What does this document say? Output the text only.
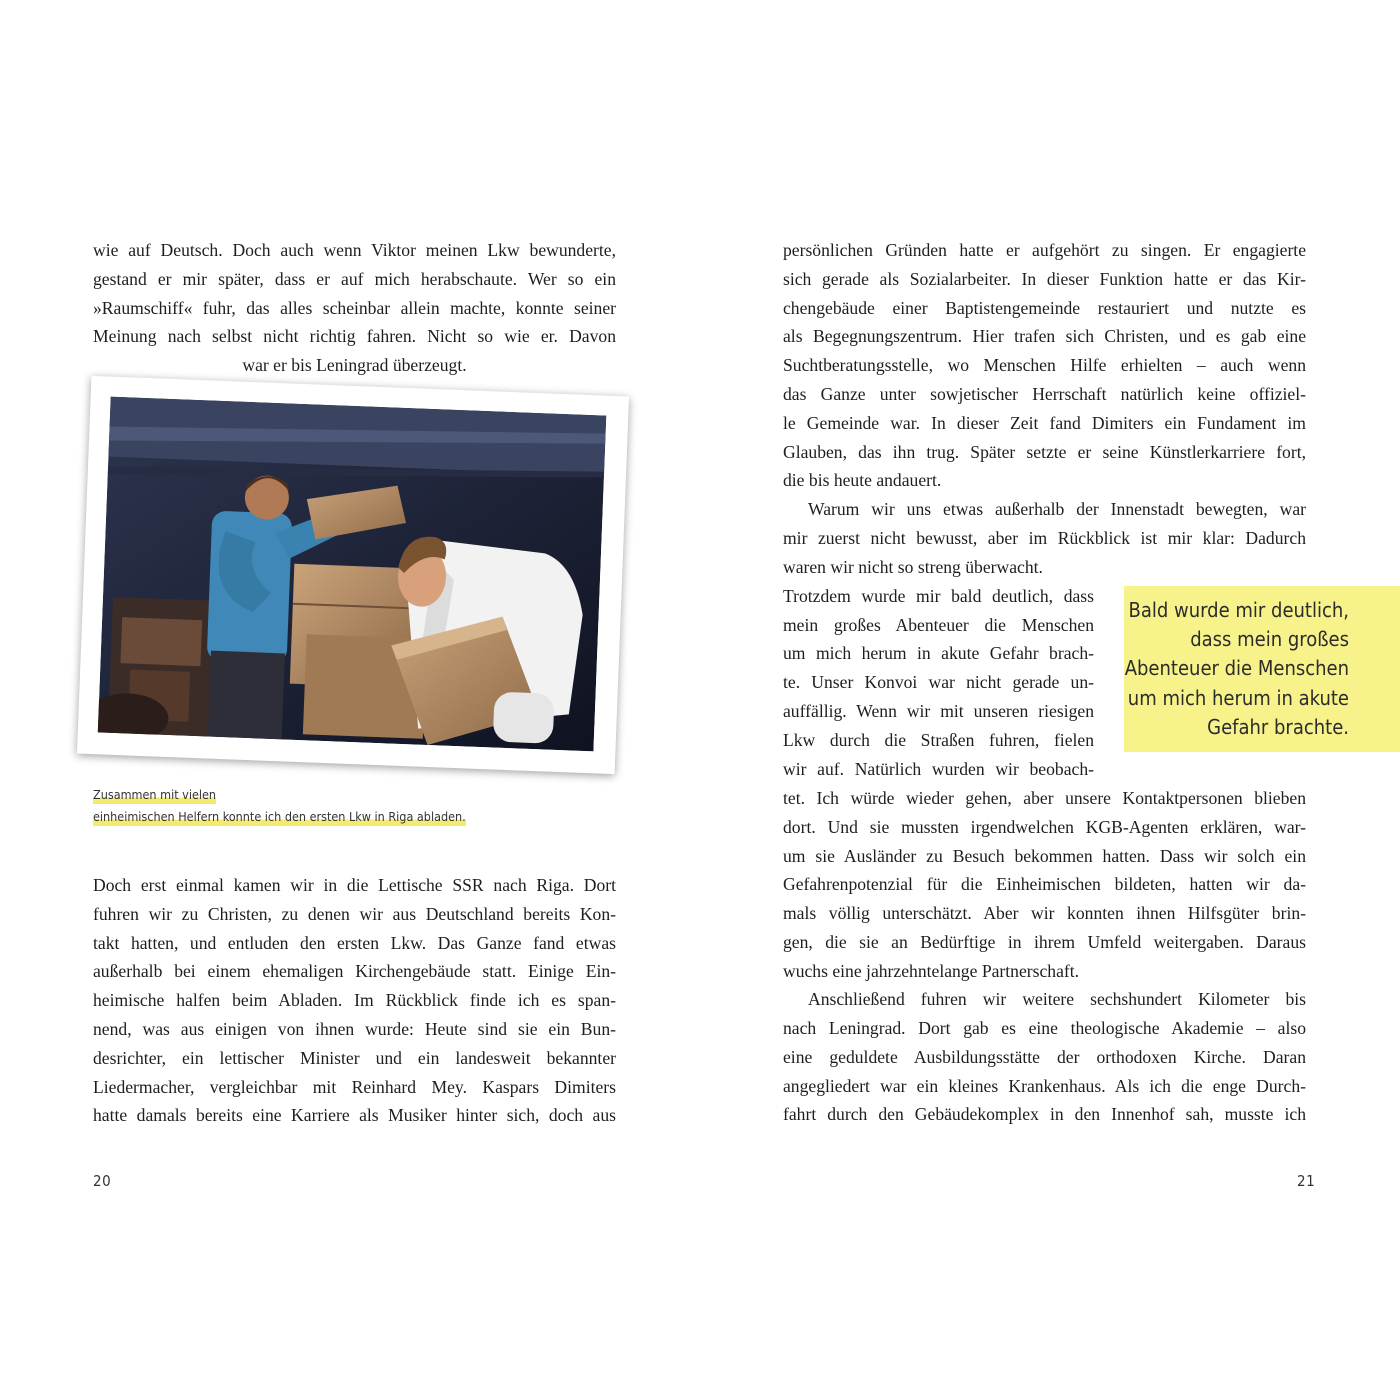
wie auf Deutsch. Doch auch wenn Viktor meinen Lkw bewunderte,
gestand er mir später, dass er auf mich herabschaute. Wer so ein
»Raumschiff« fuhr, das alles scheinbar allein machte, konnte seiner
Meinung nach selbst nicht richtig fahren. Nicht so wie er. Davon
war er bis Leningrad überzeugt.
Zusammen mit vielen
einheimischen Helfern konnte ich den ersten Lkw in Riga abladen.
Doch erst einmal kamen wir in die Lettische SSR nach Riga. Dort
fuhren wir zu Christen, zu denen wir aus Deutschland bereits Kon-
takt hatten, und entluden den ersten Lkw. Das Ganze fand etwas
außerhalb bei einem ehemaligen Kirchengebäude statt. Einige Ein-
heimische halfen beim Abladen. Im Rückblick finde ich es span-
nend, was aus einigen von ihnen wurde: Heute sind sie ein Bun-
desrichter, ein lettischer Minister und ein landesweit bekannter
Liedermacher, vergleichbar mit Reinhard Mey. Kaspars Dimiters
hatte damals bereits eine Karriere als Musiker hinter sich, doch aus
20
persönlichen Gründen hatte er aufgehört zu singen. Er engagierte
sich gerade als Sozialarbeiter. In dieser Funktion hatte er das Kir-
chengebäude einer Baptistengemeinde restauriert und nutzte es
als Begegnungszentrum. Hier trafen sich Christen, und es gab eine
Suchtberatungsstelle, wo Menschen Hilfe erhielten – auch wenn
das Ganze unter sowjetischer Herrschaft natürlich keine offiziel-
le Gemeinde war. In dieser Zeit fand Dimiters ein Fundament im
Glauben, das ihn trug. Später setzte er seine Künstlerkarriere fort,
die bis heute andauert.
Warum wir uns etwas außerhalb der Innenstadt bewegten, war
mir zuerst nicht bewusst, aber im Rückblick ist mir klar: Dadurch
waren wir nicht so streng überwacht.
Trotzdem wurde mir bald deutlich, dass
mein großes Abenteuer die Menschen
um mich herum in akute Gefahr brach-
te. Unser Konvoi war nicht gerade un-
auffällig. Wenn wir mit unseren riesigen
Lkw durch die Straßen fuhren, fielen
wir auf. Natürlich wurden wir beobach-
tet. Ich würde wieder gehen, aber unsere Kontaktpersonen blieben
dort. Und sie mussten irgendwelchen KGB-Agenten erklären, war-
um sie Ausländer zu Besuch bekommen hatten. Dass wir solch ein
Gefahrenpotenzial für die Einheimischen bildeten, hatten wir da-
mals völlig unterschätzt. Aber wir konnten ihnen Hilfsgüter brin-
gen, die sie an Bedürftige in ihrem Umfeld weitergaben. Daraus
wuchs eine jahrzehntelange Partnerschaft.
Anschließend fuhren wir weitere sechshundert Kilometer bis
nach Leningrad. Dort gab es eine theologische Akademie – also
eine geduldete Ausbildungsstätte der orthodoxen Kirche. Daran
angegliedert war ein kleines Krankenhaus. Als ich die enge Durch-
fahrt durch den Gebäudekomplex in den Innenhof sah, musste ich
21
Bald wurde mir deutlich,
dass mein großes
Abenteuer die Menschen
um mich herum in akute
Gefahr brachte.
